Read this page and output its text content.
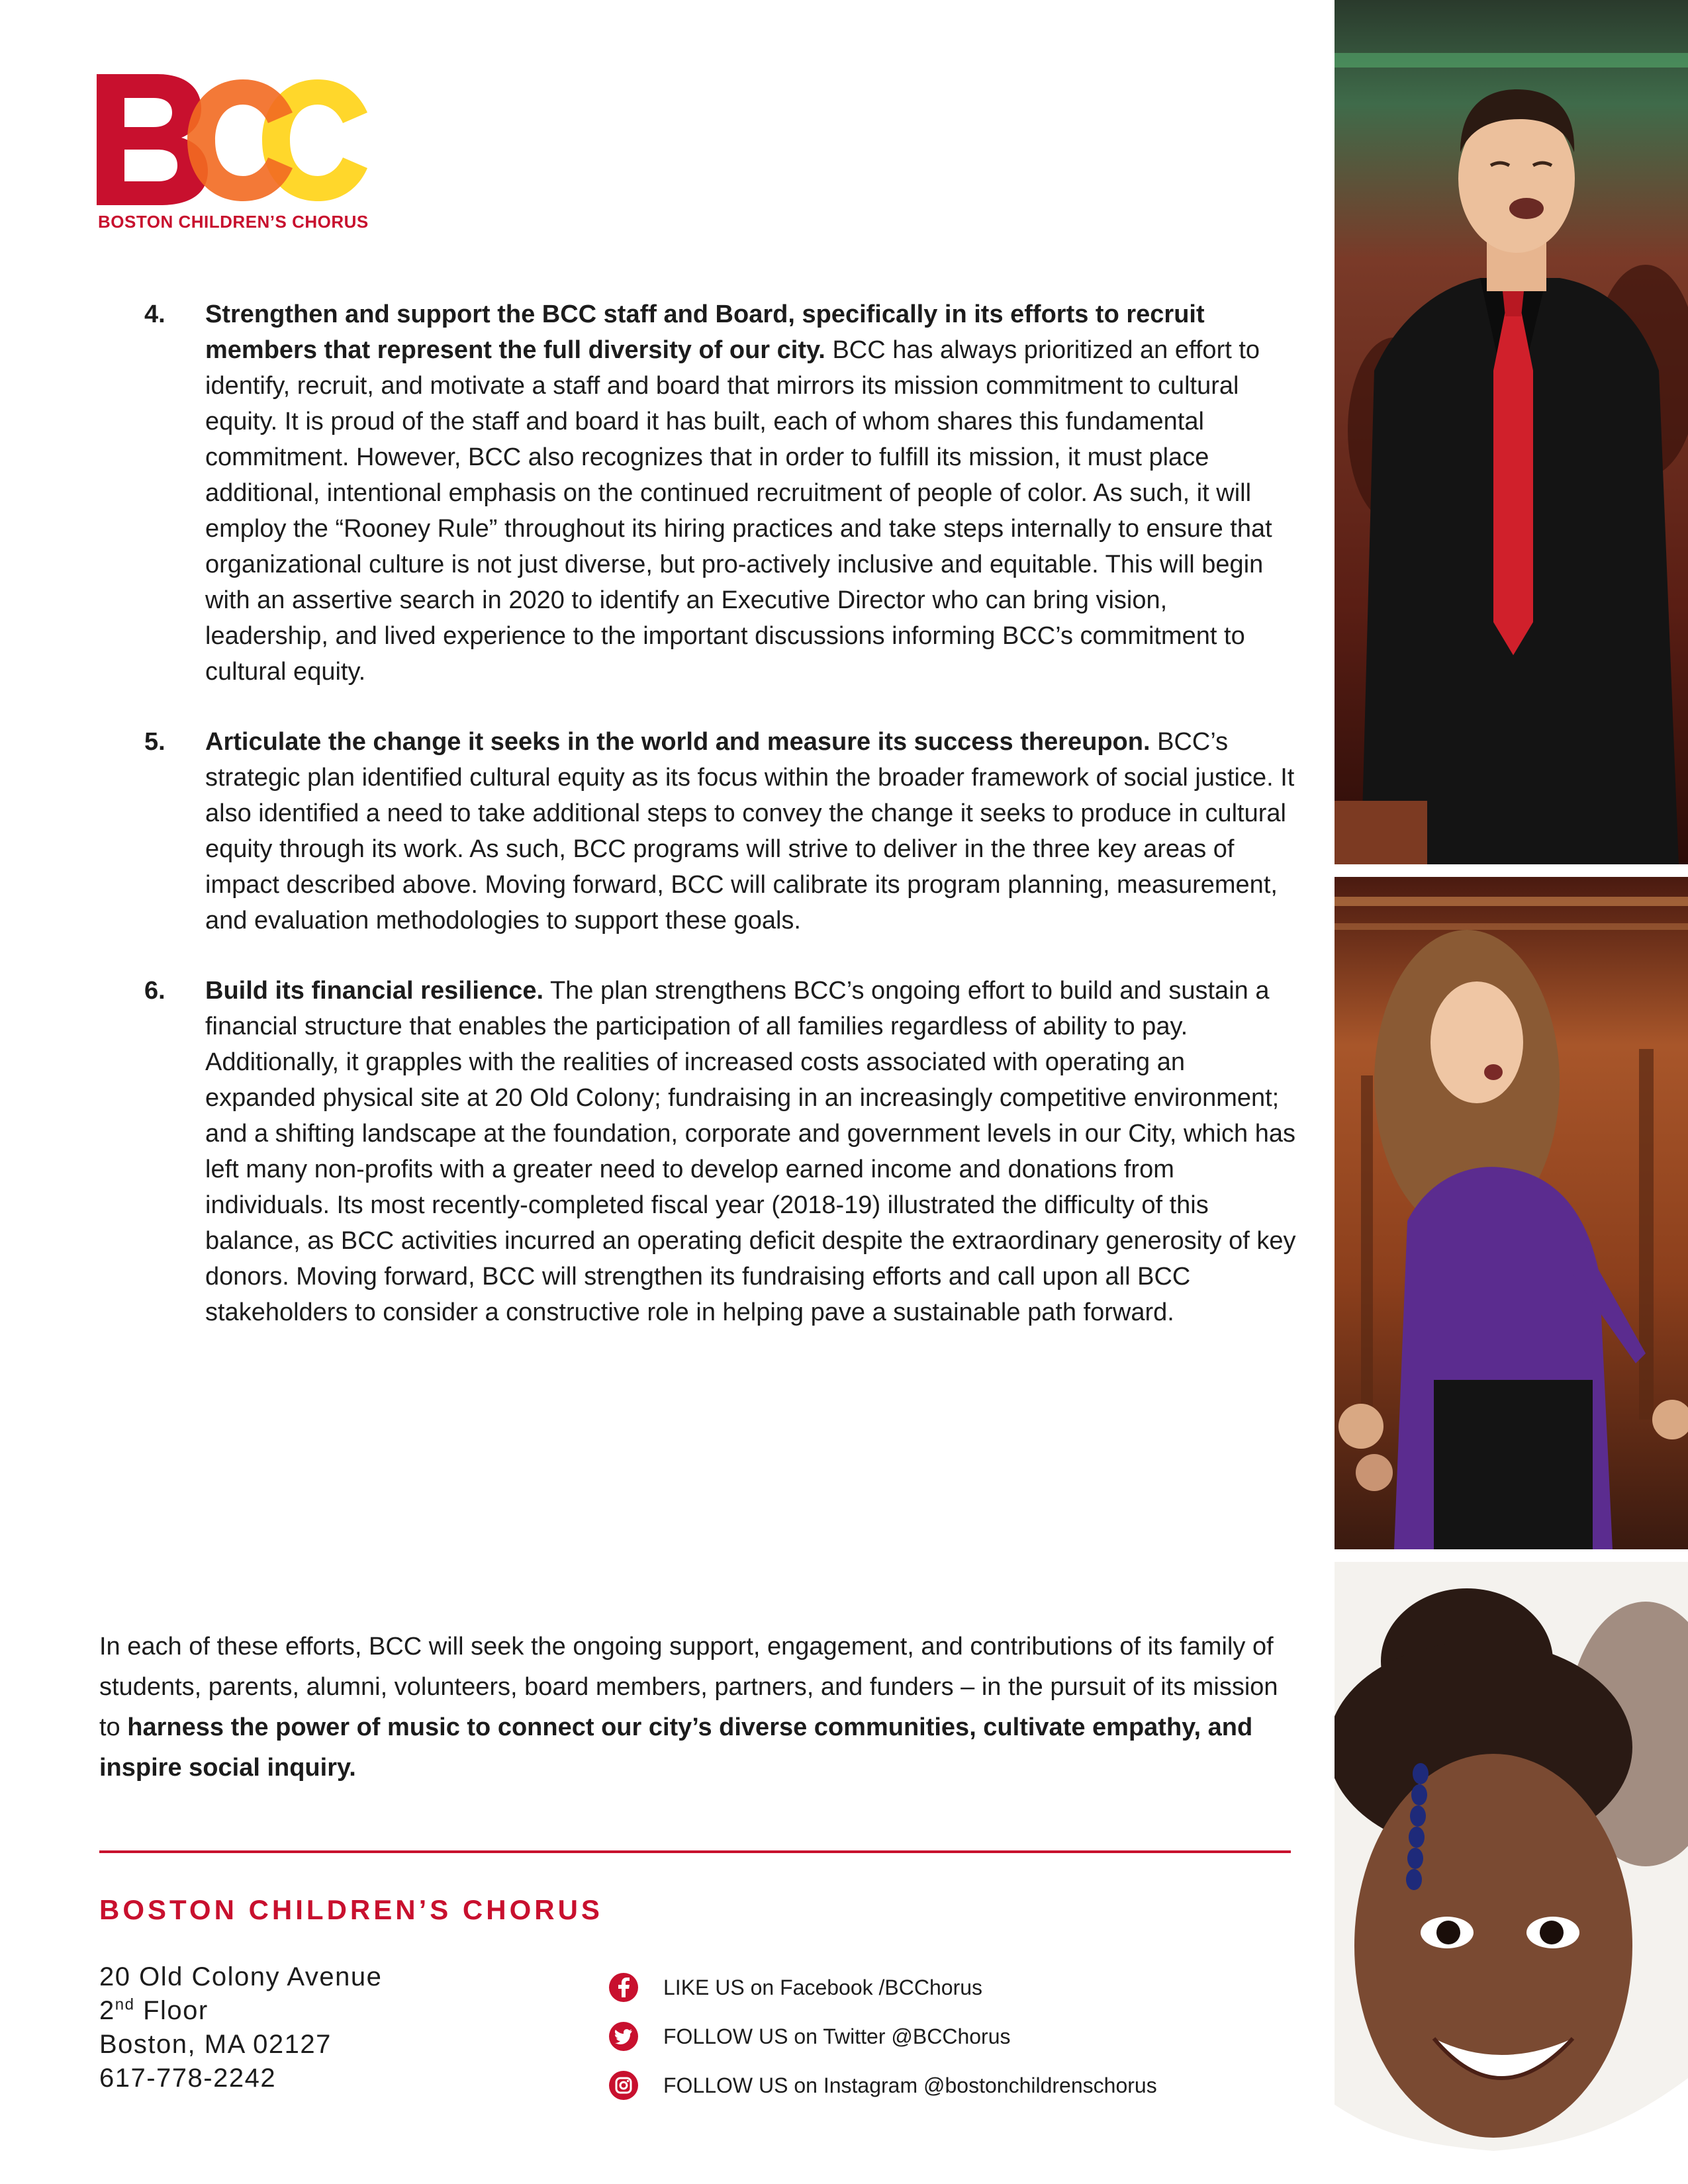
BOSTON CHILDREN’S CHORUS
4. Strengthen and support the BCC staff and Board, specifically in its efforts to recruit members that represent the full diversity of our city. BCC has always prioritized an effort to identify, recruit, and motivate a staff and board that mirrors its mission commitment to cultural equity. It is proud of the staff and board it has built, each of whom shares this fundamental commitment. However, BCC also recognizes that in order to fulfill its mission, it must place additional, intentional emphasis on the continued recruitment of people of color. As such, it will employ the “Rooney Rule” throughout its hiring practices and take steps internally to ensure that organizational culture is not just diverse, but pro-actively inclusive and equitable. This will begin with an assertive search in 2020 to identify an Executive Director who can bring vision, leadership, and lived experience to the important discussions informing BCC’s commitment to cultural equity.
5. Articulate the change it seeks in the world and measure its success thereupon. BCC’s strategic plan identified cultural equity as its focus within the broader framework of social justice. It also identified a need to take additional steps to convey the change it seeks to produce in cultural equity through its work. As such, BCC programs will strive to deliver in the three key areas of impact described above. Moving forward, BCC will calibrate its program planning, measurement, and evaluation methodologies to support these goals.
6. Build its financial resilience. The plan strengthens BCC’s ongoing effort to build and sustain a financial structure that enables the participation of all families regardless of ability to pay. Additionally, it grapples with the realities of increased costs associated with operating an expanded physical site at 20 Old Colony; fundraising in an increasingly competitive environment; and a shifting landscape at the foundation, corporate and government levels in our City, which has left many non-profits with a greater need to develop earned income and donations from individuals. Its most recently-completed fiscal year (2018-19) illustrated the difficulty of this balance, as BCC activities incurred an operating deficit despite the extraordinary generosity of key donors. Moving forward, BCC will strengthen its fundraising efforts and call upon all BCC stakeholders to consider a constructive role in helping pave a sustainable path forward.
In each of these efforts, BCC will seek the ongoing support, engagement, and contributions of its family of students, parents, alumni, volunteers, board members, partners, and funders – in the pursuit of its mission to harness the power of music to connect our city’s diverse communities, cultivate empathy, and inspire social inquiry.
BOSTON CHILDREN’S CHORUS
20 Old Colony Avenue
2nd Floor
Boston, MA 02127
617-778-2242
LIKE US on Facebook /BCChorus
FOLLOW US on Twitter @BCChorus
FOLLOW US on Instagram @bostonchildrenschorus
